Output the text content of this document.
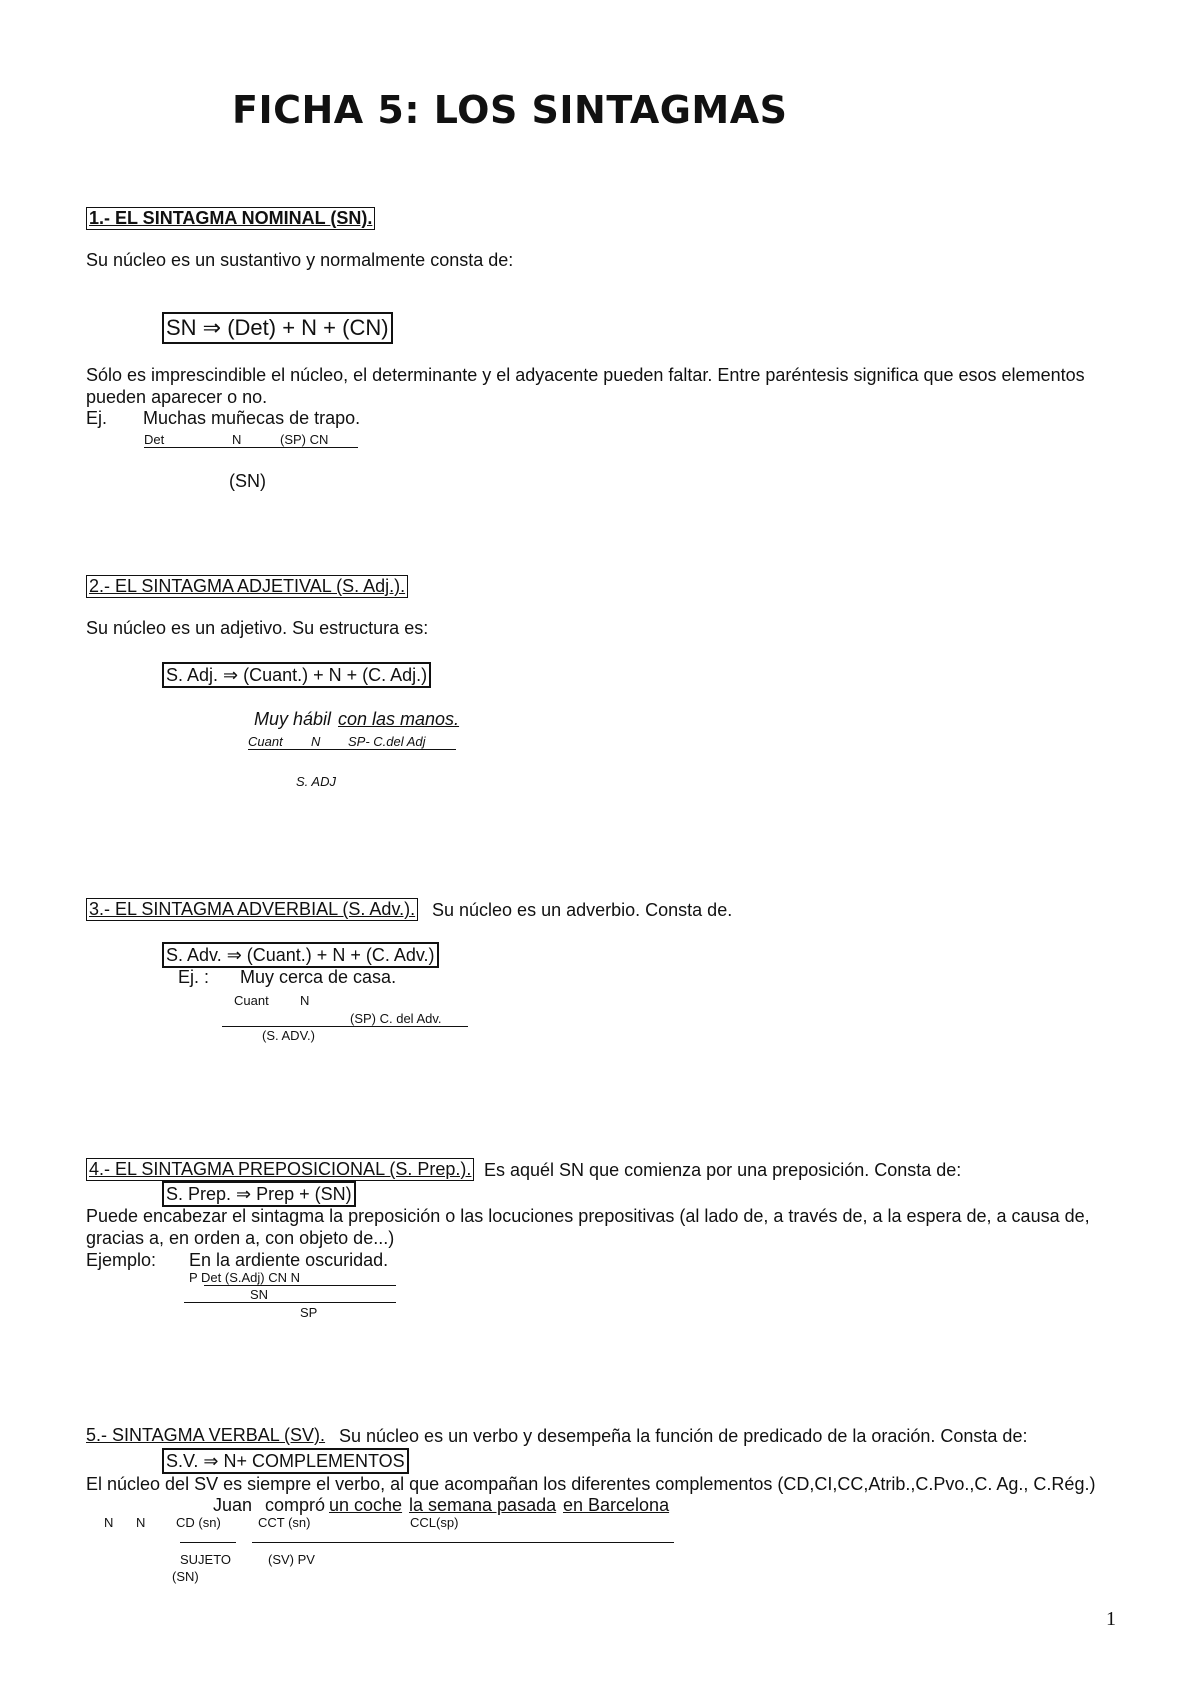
FICHA 5: LOS SINTAGMAS
1.- EL SINTAGMA NOMINAL (SN).
Su núcleo es un sustantivo y normalmente consta de:
SN ⇒ (Det) + N + (CN)
Sólo es imprescindible el núcleo, el determinante y el adyacente pueden faltar. Entre paréntesis significa que esos elementos pueden aparecer o no.
Ej. Muchas muñecas de trapo.
Det	N	(SP) CN
(SN)
2.- EL SINTAGMA ADJETIVAL (S. Adj.).
Su núcleo es un adjetivo. Su estructura es:
S. Adj. ⇒ (Cuant.) + N + (C. Adj.)
Muy hábil con las manos.
Cuant N SP- C.del Adj
S. ADJ
3.- EL SINTAGMA ADVERBIAL (S. Adv.). Su núcleo es un adverbio. Consta de.
S. Adv. ⇒ (Cuant.) + N + (C. Adv.)
Ej. : Muy cerca de casa.
Cuant N
(SP) C. del Adv.
(S. ADV.)
4.- EL SINTAGMA PREPOSICIONAL (S. Prep.). Es aquél SN que comienza por una preposición. Consta de:
S. Prep. ⇒ Prep + (SN)
Puede encabezar el sintagma la preposición o las locuciones prepositivas (al lado de, a través de, a la espera de, a causa de, gracias a, en orden a, con objeto de...)
Ejemplo: En la ardiente oscuridad.
P Det (S.Adj) CN N
SN
SP
5.- SINTAGMA VERBAL (SV). Su núcleo es un verbo y desempeña la función de predicado de la oración. Consta de:
S.V. ⇒ N+ COMPLEMENTOS
El núcleo del SV es siempre el verbo, al que acompañan los diferentes complementos (CD,CI,CC,Atrib.,C.Pvo.,C. Ag., C.Rég.)
Juan compró un coche la semana pasada en Barcelona
N N CD (sn)	CCT (sn)	CCL(sp)
SUJETO	(SV) PV
(SN)
1
